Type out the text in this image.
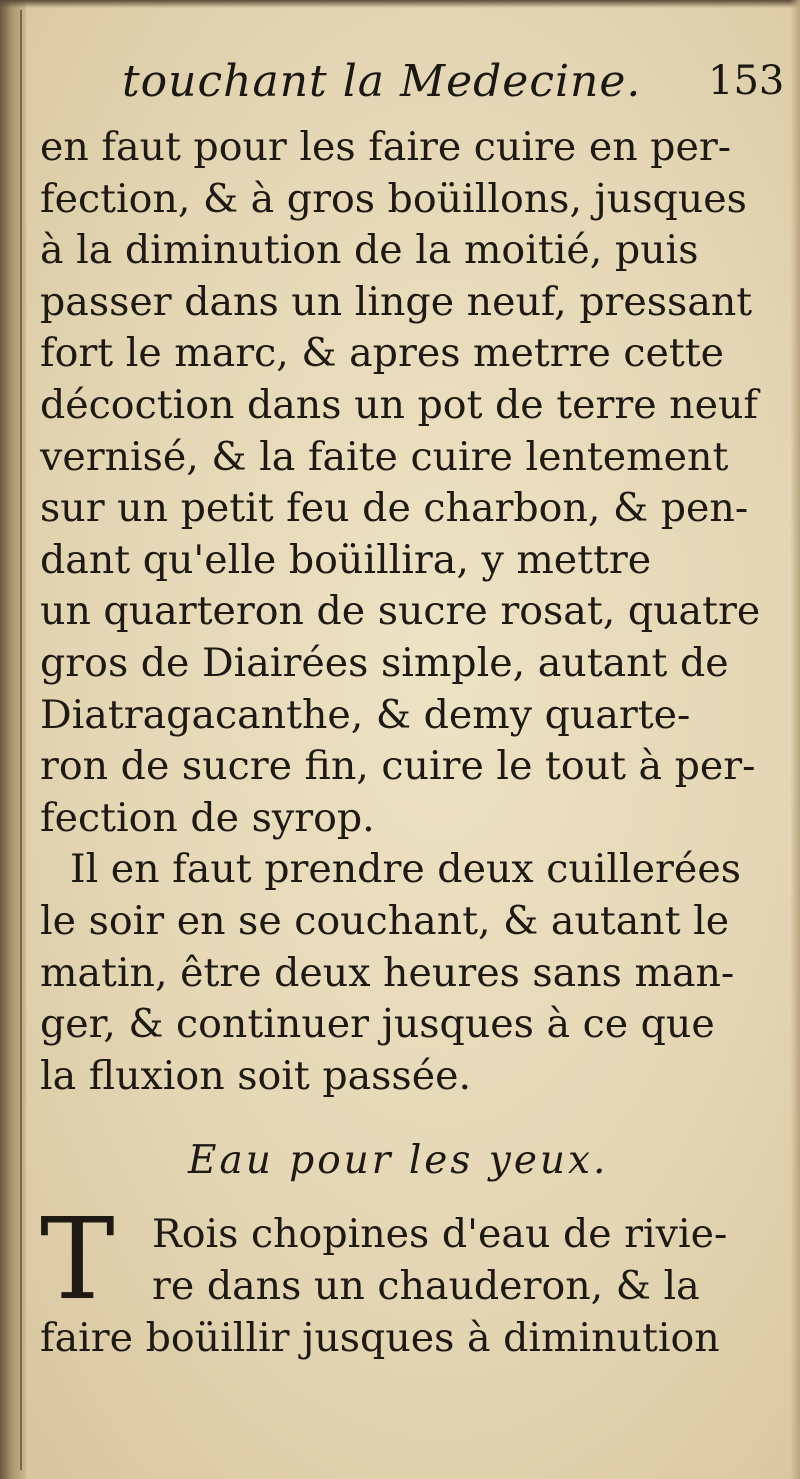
touchant la Medecine. 153
en faut pour les faire cuire en per-
fection, & à gros boüillons, jusques
à la diminution de la moitié, puis
passer dans un linge neuf, pressant
fort le marc, & apres metrre cette
décoction dans un pot de terre neuf
vernisé, & la faite cuire lentement
sur un petit feu de charbon, & pen-
dant qu'elle boüillira, y mettre
un quarteron de sucre rosat, quatre
gros de Diairées simple, autant de
Diatragacanthe, & demy quarte-
ron de sucre fin, cuire le tout à per-
fection de syrop.
Il en faut prendre deux cuillerées
le soir en se couchant, & autant le
matin, être deux heures sans man-
ger, & continuer jusques à ce que
la fluxion soit passée.
Eau pour les yeux.
T Rois chopines d'eau de rivie-
re dans un chauderon, & la
faire boüillir jusques à diminution
